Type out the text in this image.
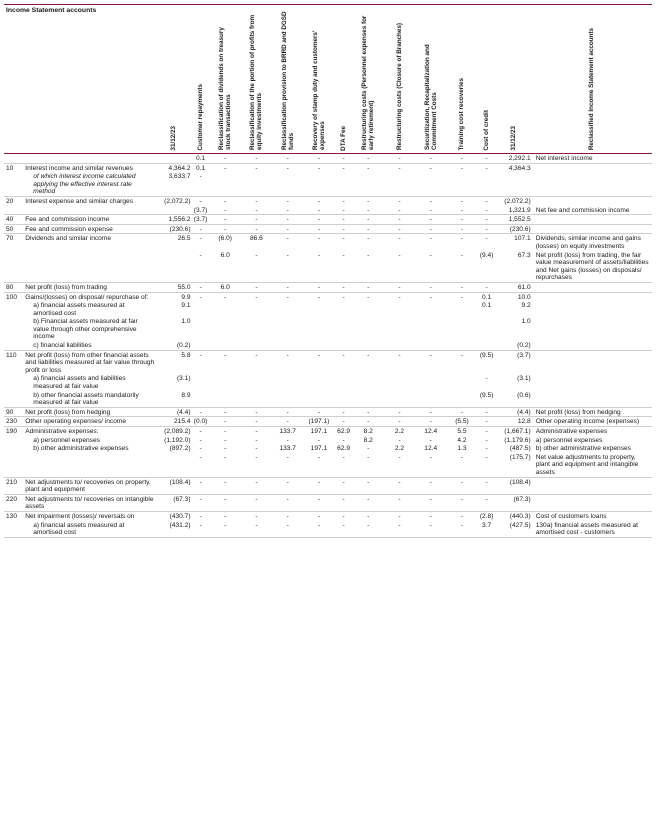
Income Statement accounts		31/12/23	Customer repayments	Reclassification of dividends on treasury stock transactions	Reclassification of the portion of profits from equity investments	Reclassification provision to BRRD and DGSD funds	Recovery of stamp duty and customers' expenses	DTA Fee	Restructuring costs (Personnel expenses for early retirement)	Restructuring costs (Closure of Branches)	Securitization, Recapitalization and Commitment Costs	Training cost recoveries	Cost of credit	31/12/23	Reclassified Income Statement accounts
			0.1	-	-	-	-	-	-	-	-	-	-	2,292.1	Net interest income
10	Interest income and similar revenues	4,364.2	0.1	-	-	-	-	-	-	-	-	-	-	4,364.3	
	of which interest income calculated applying the effective interest rate method	3,633.7	-												
20	Interest expense and similar charges	(2,072.2)	-	-	-	-	-	-	-	-	-	-	-	(2,072.2)	
			(3.7)	-	-	-	-	-	-	-	-	-	-	1,321.9	Net fee and commission income
40	Fee and commission income	1,556.2	(3.7)	-	-	-	-	-	-	-	-	-	-	1,552.5	
50	Fee and commission expense	(230.6)	-	-	-	-	-	-	-	-	-	-	-	(230.6)	
70	Dividends and similar income	26.5	-	(6.0)	86.6	-	-	-	-	-	-	-	-	107.1	Dividends, similar income and gains (losses) on equity investments
			-	6.0	-	-	-	-	-	-	-	-	(9.4)	67.3	Net profit (loss) from trading, the fair value measurement of assets/liabilities and Net gains (losses) on disposals/ repurchases
80	Net profit (loss) from trading	55.0	-	6.0	-	-	-	-	-	-	-	-	-	61.0	
100	Gains/(losses) on disposal/ repurchase of:	9.9	-	-	-	-	-	-	-	-	-	-	0.1	10.0	
	a) financial assets measured at amortised cost	9.1											0.1	9.2	
	b) Financial assets measured at fair value through other comprehensive income	1.0												1.0	
	c) financial liabilities	(0.2)												(0.2)	
110	Net profit (loss) from other financial assets and liabilities measured at fair value through profit or loss	5.8	-	-	-	-	-	-	-	-	-	-	(9.5)	(3.7)	
	a) financial assets and liabilities measured at fair value	(3.1)											-	(3.1)	
	b) other financial assets mandatorily measured at fair value	8.9											(9.5)	(0.6)	
90	Net profit (loss) from hedging	(4.4)	-	-	-	-	-	-	-	-	-	-	-	(4.4)	Net profit (loss) from hedging
230	Other operating expenses/ income	215.4	(0.0)	-	-	-	(197.1)	-	-	-	-	(5.5)	-	12.8	Other operating income (expenses)
190	Administrative expenses:	(2,089.2)	-	-	-	133.7	197.1	62.9	8.2	2.2	12.4	5.5	-	(1,667.1)	Administrative expenses
	a) personnel expenses	(1,192.0)	-	-	-	-	-	-	8.2	-	-	4.2	-	(1,179.6)	a) personnel expenses
	b) other administrative expenses	(897.2)	-	-	-	133.7	197.1	62.9	-	2.2	12.4	1.3	-	(487.5)	b) other administrative expenses
			-	-	-	-	-	-	-	-	-	-	-	(175.7)	Net value adjustments to property, plant and equipment and intangible assets
210	Net adjustments to/ recoveries on property, plant and equipment	(108.4)	-	-	-	-	-	-	-	-	-	-	-	(108.4)	
220	Net adjustments to/ recoveries on intangible assets	(67.3)	-	-	-	-	-	-	-	-	-	-	-	(67.3)	
130	Net impairment (losses)/ reversals on	(430.7)	-	-	-	-	-	-	-	-	-	-	(2.8)	(440.3)	Cost of customers loans
	a) financial assets measured at amortised cost	(431.2)	-	-	-	-	-	-	-	-	-	-	3.7	(427.5)	130a) financial assets measured at amortised cost - customers
